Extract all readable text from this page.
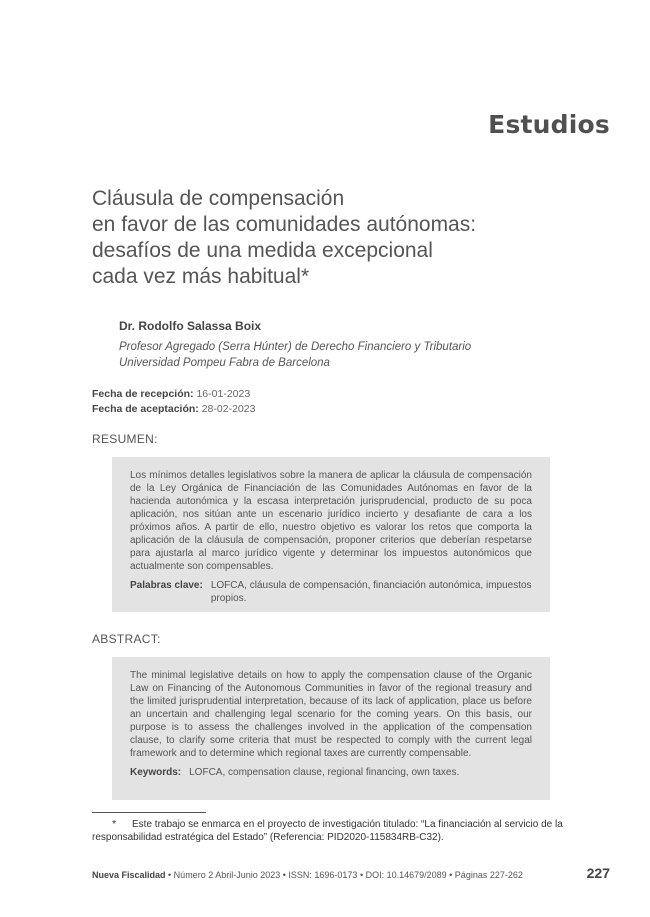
Estudios
Cláusula de compensación
en favor de las comunidades autónomas:
desafíos de una medida excepcional
cada vez más habitual*
Dr. Rodolfo Salassa Boix
Profesor Agregado (Serra Húnter) de Derecho Financiero y Tributario
Universidad Pompeu Fabra de Barcelona
Fecha de recepción: 16-01-2023
Fecha de aceptación: 28-02-2023
RESUMEN:

Los mínimos detalles legislativos sobre la manera de aplicar la cláusula de compensación de la Ley Orgánica de Financiación de las Comunidades Autónomas en favor de la hacienda autonómica y la escasa interpretación jurisprudencial, producto de su poca aplicación, nos sitúan ante un escenario jurídico incierto y desafiante de cara a los próximos años. A partir de ello, nuestro objetivo es valorar los retos que comporta la aplicación de la cláusula de compensación, proponer criterios que deberían respetarse para ajustarla al marco jurídico vigente y determinar los impuestos autonómicos que actualmente son compensables.

Palabras clave: LOFCA, cláusula de compensación, financiación autonómica, impuestos propios.
ABSTRACT:

The minimal legislative details on how to apply the compensation clause of the Organic Law on Financing of the Autonomous Communities in favor of the regional treasury and the limited jurisprudential interpretation, because of its lack of application, place us before an uncertain and challenging legal scenario for the coming years. On this basis, our purpose is to assess the challenges involved in the application of the compensation clause, to clarify some criteria that must be respected to comply with the current legal framework and to determine which regional taxes are currently compensable.

Keywords: LOFCA, compensation clause, regional financing, own taxes.
* Este trabajo se enmarca en el proyecto de investigación titulado: “La financiación al servicio de la responsabilidad estratégica del Estado” (Referencia: PID2020-115834RB-C32).
Nueva Fiscalidad • Número 2 Abril-Junio 2023 • ISSN: 1696-0173 • DOI: 10.14679/2089 • Páginas 227-262	227
